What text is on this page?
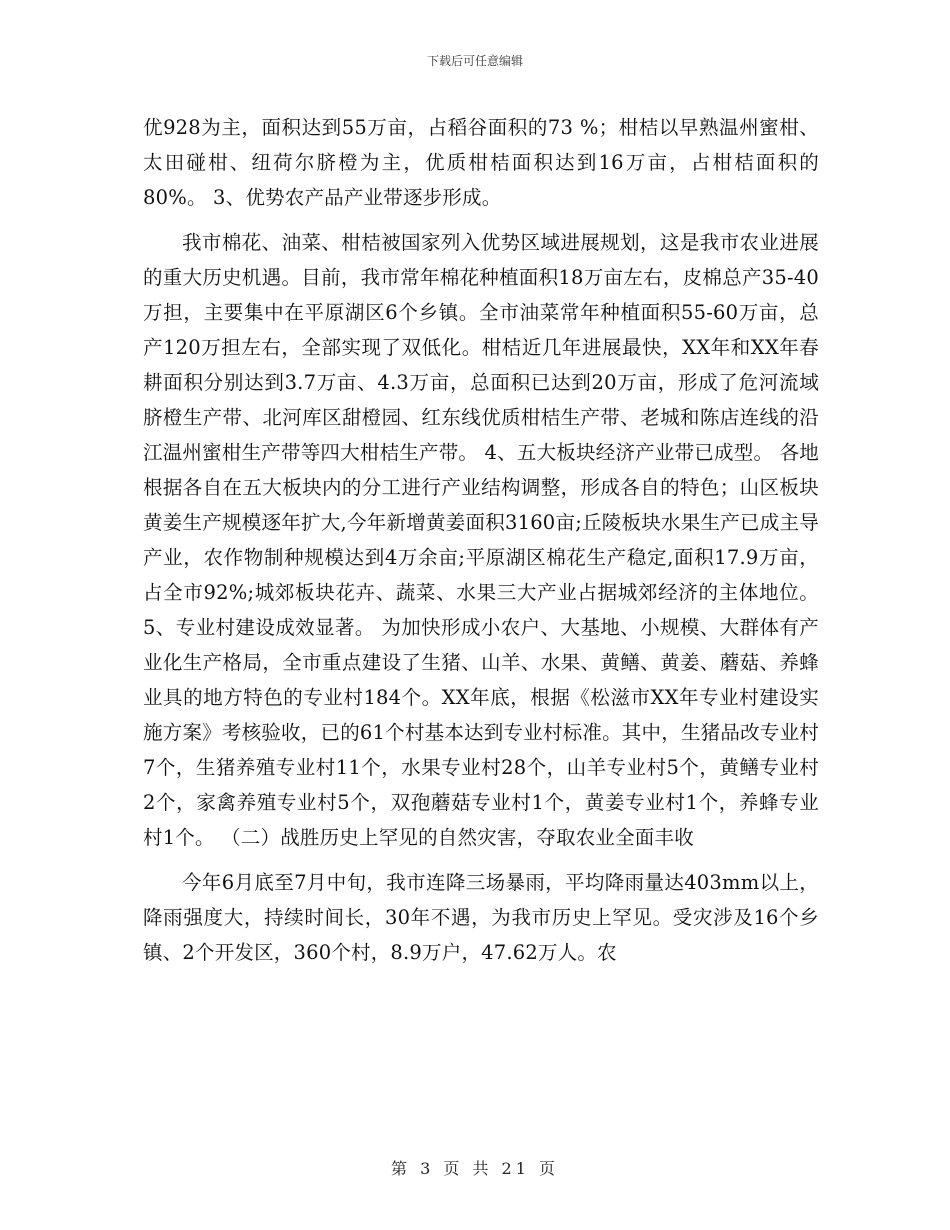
下载后可任意编辑

优928为主，面积达到55万亩，占稻谷面积的73 %；柑桔以早熟温州蜜柑、太田碰柑、纽荷尔脐橙为主，优质柑桔面积达到16万亩，占柑桔面积的80%。 3、优势农产品产业带逐步形成。

我市棉花、油菜、柑桔被国家列入优势区域进展规划，这是我市农业进展的重大历史机遇。目前，我市常年棉花种植面积18万亩左右，皮棉总产35-40万担，主要集中在平原湖区6个乡镇。全市油菜常年种植面积55-60万亩，总产120万担左右，全部实现了双低化。柑桔近几年进展最快，XX年和XX年春耕面积分别达到3.7万亩、4.3万亩，总面积已达到20万亩，形成了危河流域脐橙生产带、北河库区甜橙园、红东线优质柑桔生产带、老城和陈店连线的沿江温州蜜柑生产带等四大柑桔生产带。 4、五大板块经济产业带已成型。 各地根据各自在五大板块内的分工进行产业结构调整，形成各自的特色；山区板块黄姜生产规模逐年扩大,今年新增黄姜面积3160亩;丘陵板块水果生产已成主导产业，农作物制种规模达到4万余亩;平原湖区棉花生产稳定,面积17.9万亩，占全市92%;城郊板块花卉、蔬菜、水果三大产业占据城郊经济的主体地位。 5、专业村建设成效显著。 为加快形成小农户、大基地、小规模、大群体有产业化生产格局，全市重点建设了生猪、山羊、水果、黄鳝、黄姜、蘑菇、养蜂业具的地方特色的专业村184个。XX年底，根据《松滋市XX年专业村建设实施方案》考核验收，已的61个村基本达到专业村标准。其中，生猪品改专业村7个，生猪养殖专业村11个，水果专业村28个，山羊专业村5个，黄鳝专业村2个，家禽养殖专业村5个，双孢蘑菇专业村1个，黄姜专业村1个，养蜂专业村1个。 （二）战胜历史上罕见的自然灾害，夺取农业全面丰收

今年6月底至7月中旬，我市连降三场暴雨，平均降雨量达403mm以上，降雨强度大，持续时间长，30年不遇，为我市历史上罕见。受灾涉及16个乡镇、2个开发区，360个村，8.9万户，47.62万人。农

第 3 页 共 21 页
